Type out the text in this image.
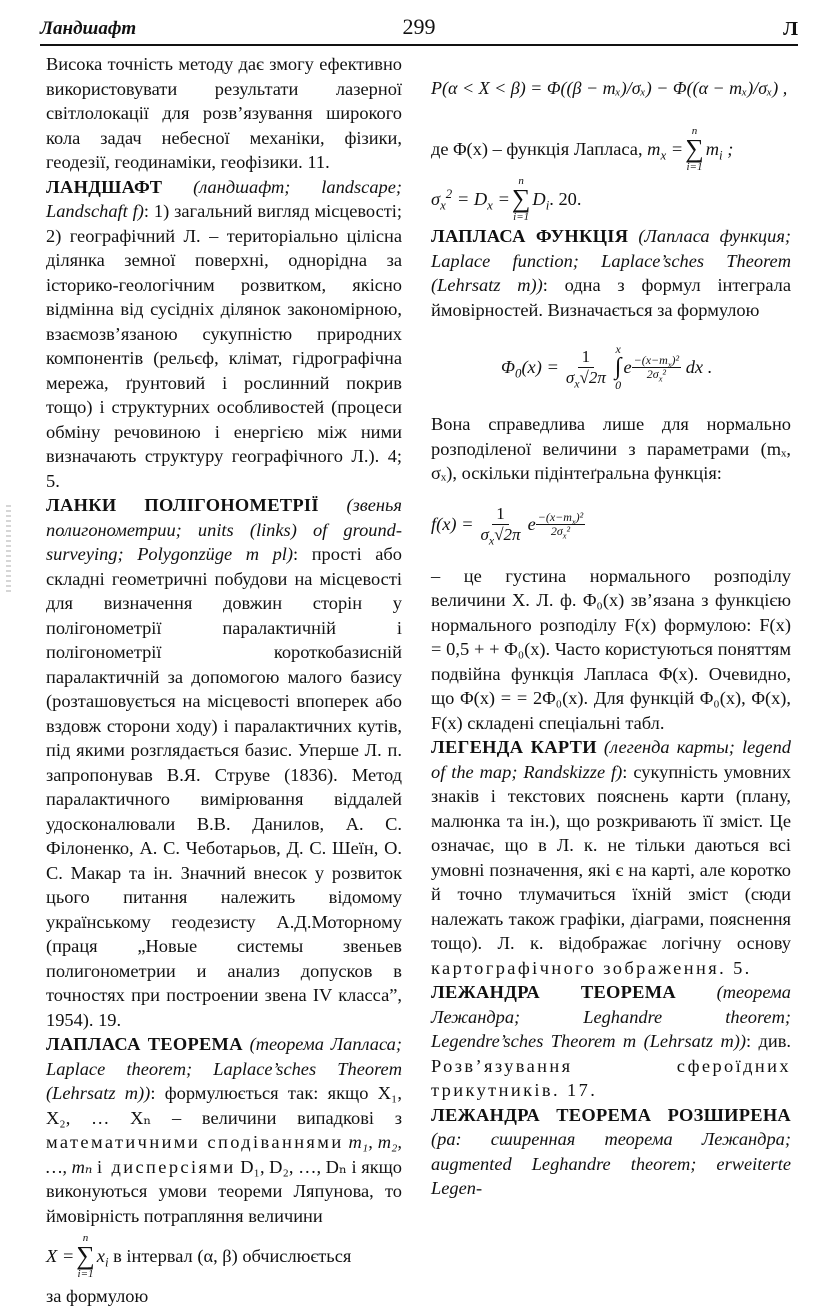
Ландшафт	299	Л

Висока точність методу дає змогу ефективно використовувати результати лазерної світлолокації для розв’язування широкого кола задач небесної механіки, фізики, геодезії, геодинаміки, геофізики. 11.

ЛАНДШАФТ (ландшафт; landscape; Landschaft f): 1) загальний вигляд місцевості; 2) географічний Л. – територіально цілісна ділянка земної поверхні, однорідна за історико-геологічним розвитком, якісно відмінна від сусідніх ділянок закономірною, взаємозв’язаною сукупністю природних компонентів (рельєф, клімат, гідрографічна мережа, ґрунтовий і рослинний покрив тощо) і структурних особливостей (процеси обміну речовиною і енергією між ними визначають структуру географічного Л.). 4; 5.

ЛАНКИ ПОЛІГОНОМЕТРІЇ (звенья полигонометрии; units (links) of ground-surveying; Polygonzüge m pl): прості або складні геометричні побудови на місцевості для визначення довжин сторін у полігонометрії паралактичній і полігонометрії короткобазисній паралактичній за допомогою малого базису (розташовується на місцевості впоперек або вздовж сторони ходу) і паралактичних кутів, під якими розглядається базис. Уперше Л. п. запропонував В.Я. Струве (1836). Метод паралактичного вимірювання віддалей удосконалювали В.В. Данилов, А. С. Філоненко, А. С. Чеботарьов, Д. С. Шеїн, О. С. Макар та ін. Значний внесок у розвиток цього питання належить відомому українському геодезисту А.Д.Моторному (праця „Новые системы звеньев полигонометрии и анализ допусков в точностях при построении звена IV класса”, 1954). 19.

ЛАПЛАСА ТЕОРЕМА (теорема Лапласа; Laplace theorem; Laplace’sches Theorem (Lehrsatz m)): формулюється так: якщо X₁, X₂, … Xₙ – величини випадкові з математичними сподіваннями m₁, m₂, …, mₙ і дисперсіями D₁, D₂, …, Dₙ і якщо виконуються умови теореми Ляпунова, то ймовірність потрапляння величини

X =
n
∑
i=1
$x_i$ в інтервал (α, β) обчислюється

за формулою

P(α < X < β) = Φ((β − mₓ)/σₓ) − Φ((α − mₓ)/σₓ) ,
де Φ(x) – функція Лапласа,
$m_x$ =
n
∑
i=1
$m_i$ ;
$\sigma_x^2 = D_x$ =
n
∑
i=1
$D_i$ . 20.

ЛАПЛАСА ФУНКЦІЯ (Лапласа функция; Laplace function; Laplace’sches Theorem (Lehrsatz m)): одна з формул інтеграла ймовірностей. Визначається за формулою

$\Phi_0(x) = \frac{1}{\sigma_x√2\pi}$ x
∫
0
$e -(x-m_x)^2$
$2\sigma_x^2$ dx .

Вона справедлива лише для нормально розподіленої величини з параметрами (mₓ, σₓ), оскільки підінтеґральна функція:

$f(x) = \frac{1}{\sigma_x√2\pi}$ $e -(x-m_x)^2$
$2\sigma_x^2$

– це густина нормального розподілу величини X. Л. ф. Φ₀(x) зв’язана з функцією нормального розподілу F(x) формулою: F(x) = 0,5 + + Φ₀(x). Часто користуються поняттям подвійна функція Лапласа Φ(x). Очевидно, що Φ(x) = = 2Φ₀(x). Для функцій Φ₀(x), Φ(x), F(x) складені спеціальні табл.

ЛЕГЕНДА КАРТИ (легенда карты; legend of the map; Randskizze f): сукупність умовних знаків і текстових пояснень карти (плану, малюнка та ін.), що розкривають її зміст. Це означає, що в Л. к. не тільки даються всі умовні позначення, які є на карті, але коротко й точно тлумачиться їхній зміст (сюди належать також графіки, діаграми, пояснення тощо). Л. к. відображає логічну основу картографічного зображення. 5.

ЛЕЖАНДРА ТЕОРЕМА (теорема Лежандра; Leghandre theorem; Legendre’sches Theorem m (Lehrsatz m)): див. Розв’язування сфероїдних трикутників. 17.

ЛЕЖАНДРА ТЕОРЕМА РОЗШИРЕНА (ра: сширенная теорема Лежандра; augmented Leghandre theorem; erweiterte Legen-
